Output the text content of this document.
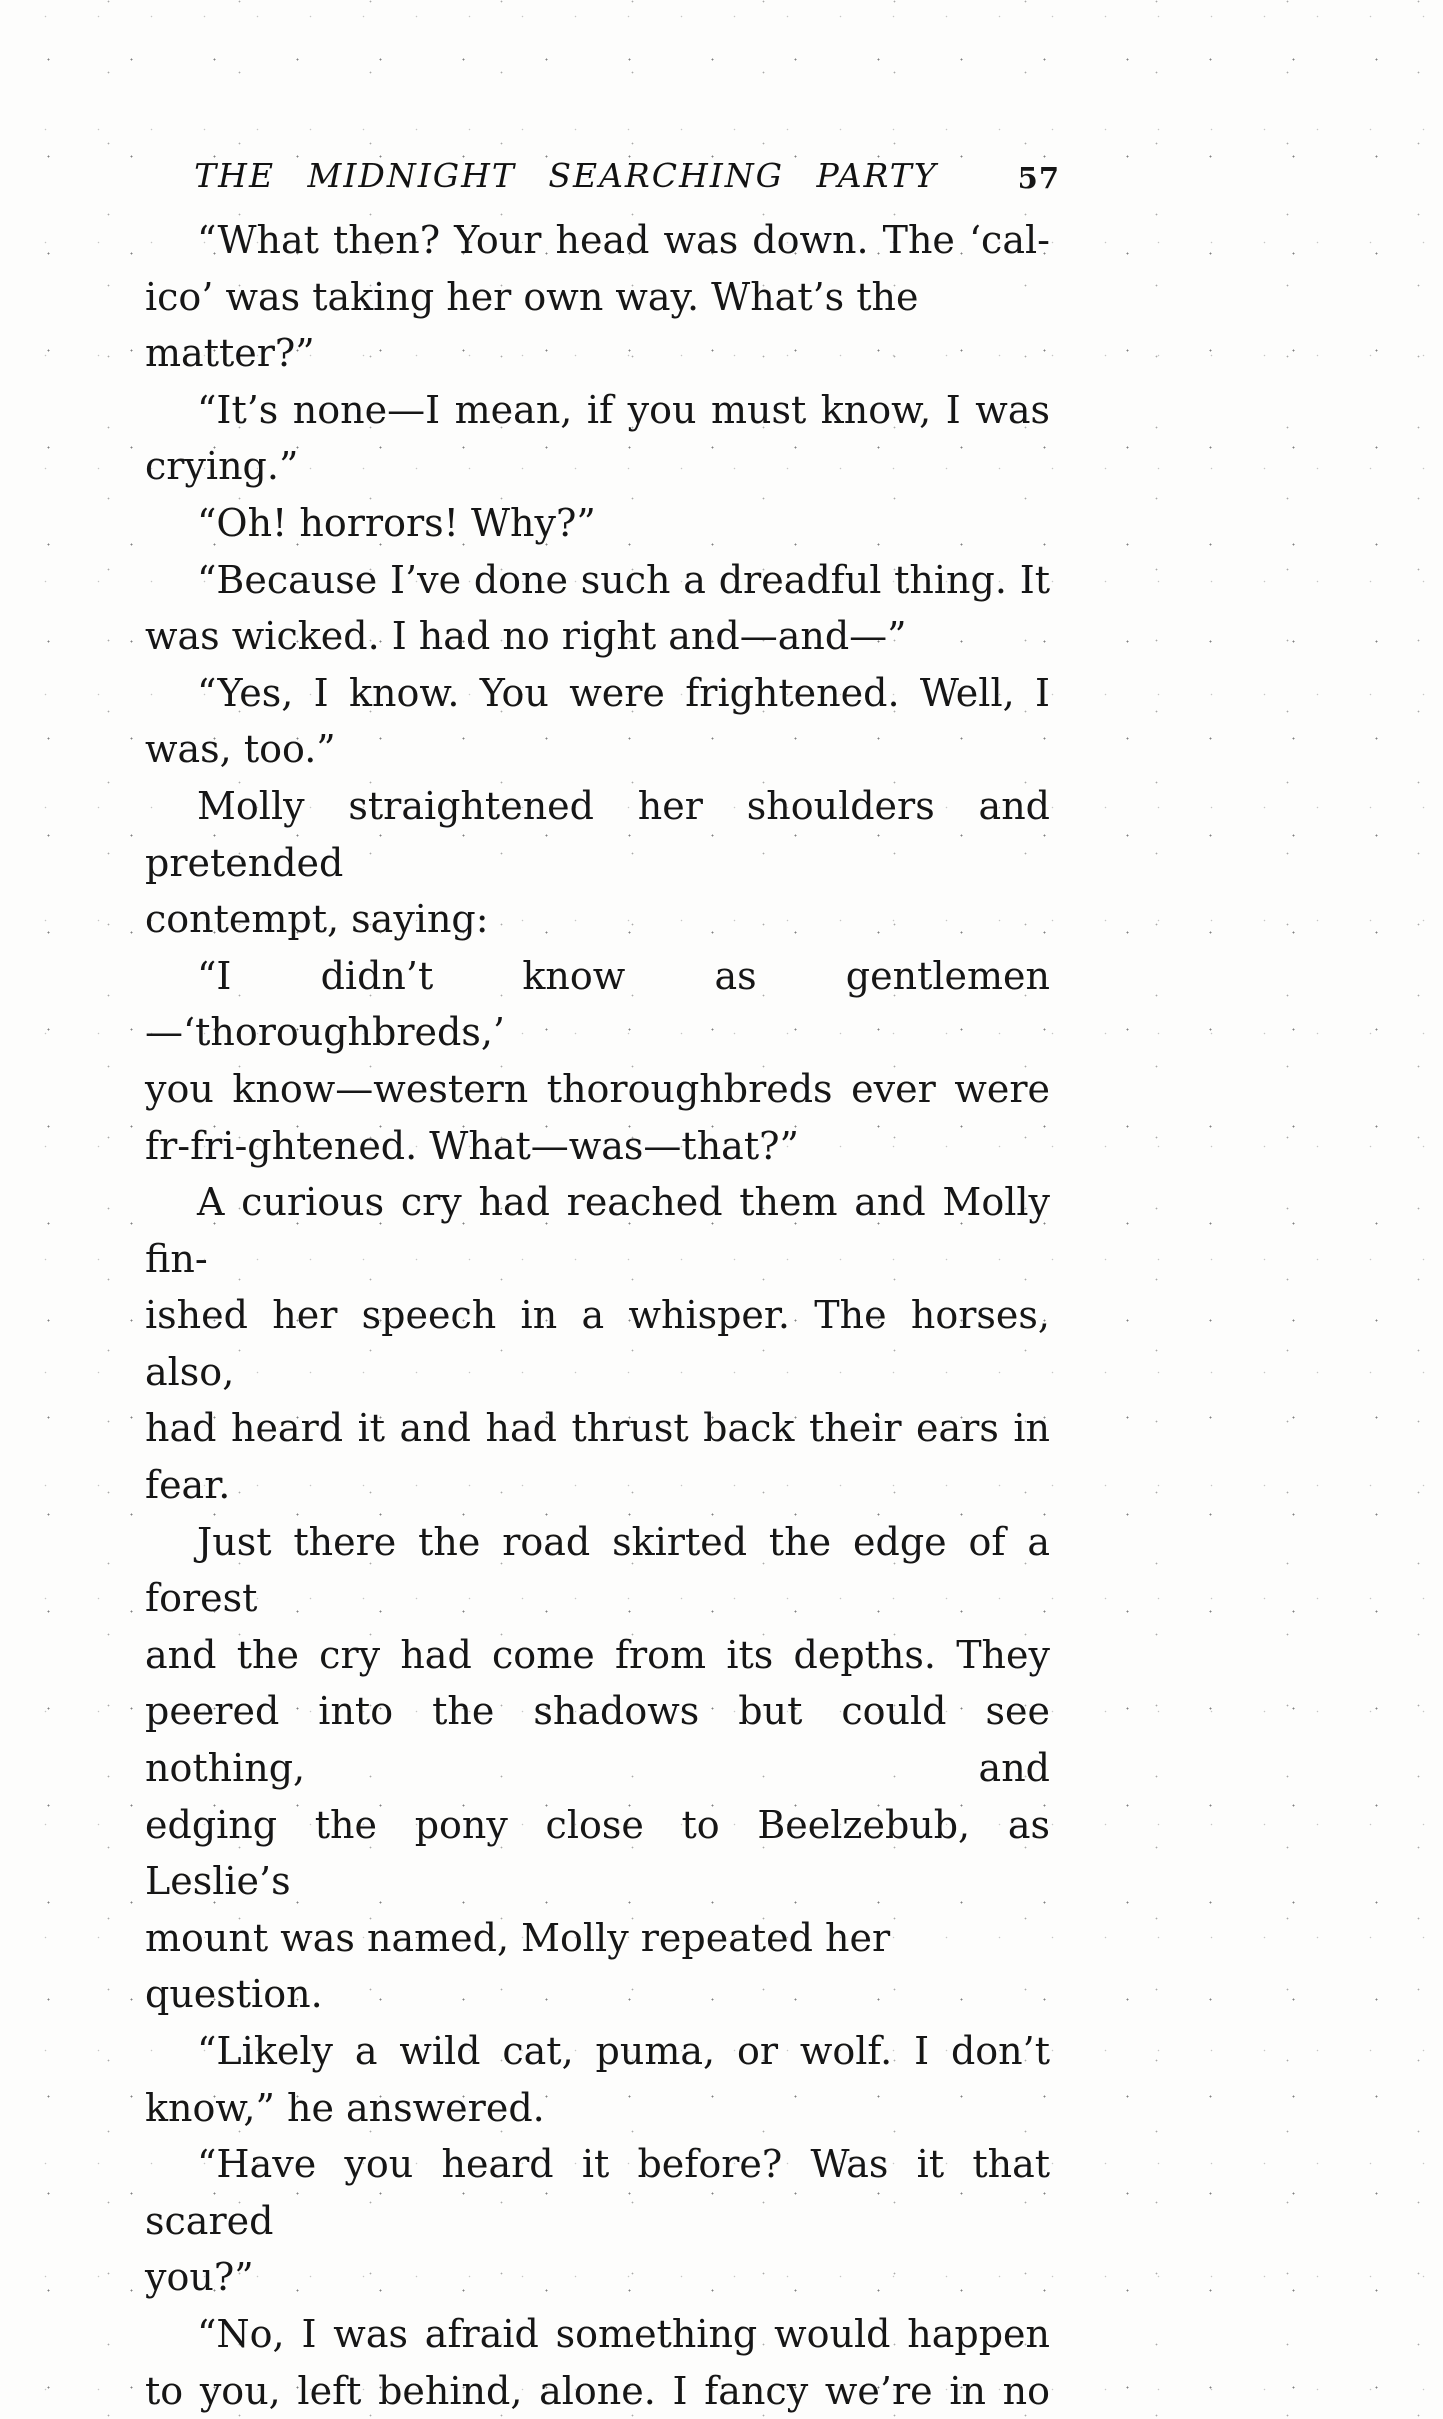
THE MIDNIGHT SEARCHING PARTY	57
“What then? Your head was down. The ‘cal-
ico’ was taking her own way. What’s the matter?”
“It’s none—I mean, if you must know, I was
crying.”
“Oh! horrors! Why?”
“Because I’ve done such a dreadful thing. It
was wicked. I had no right and—and—”
“Yes, I know. You were frightened. Well, I
was, too.”
Molly straightened her shoulders and pretended
contempt, saying:
“I didn’t know as gentlemen—‘thoroughbreds,’
you know—western thoroughbreds ever were
fr-fri-ghtened. What—was—that?”
A curious cry had reached them and Molly fin-
ished her speech in a whisper. The horses, also,
had heard it and had thrust back their ears in
fear.
Just there the road skirted the edge of a forest
and the cry had come from its depths. They
peered into the shadows but could see nothing, and
edging the pony close to Beelzebub, as Leslie’s
mount was named, Molly repeated her question.
“Likely a wild cat, puma, or wolf. I don’t
know,” he answered.
“Have you heard it before? Was it that scared
you?”
“No, I was afraid something would happen
to you, left behind, alone. I fancy we’re in no
